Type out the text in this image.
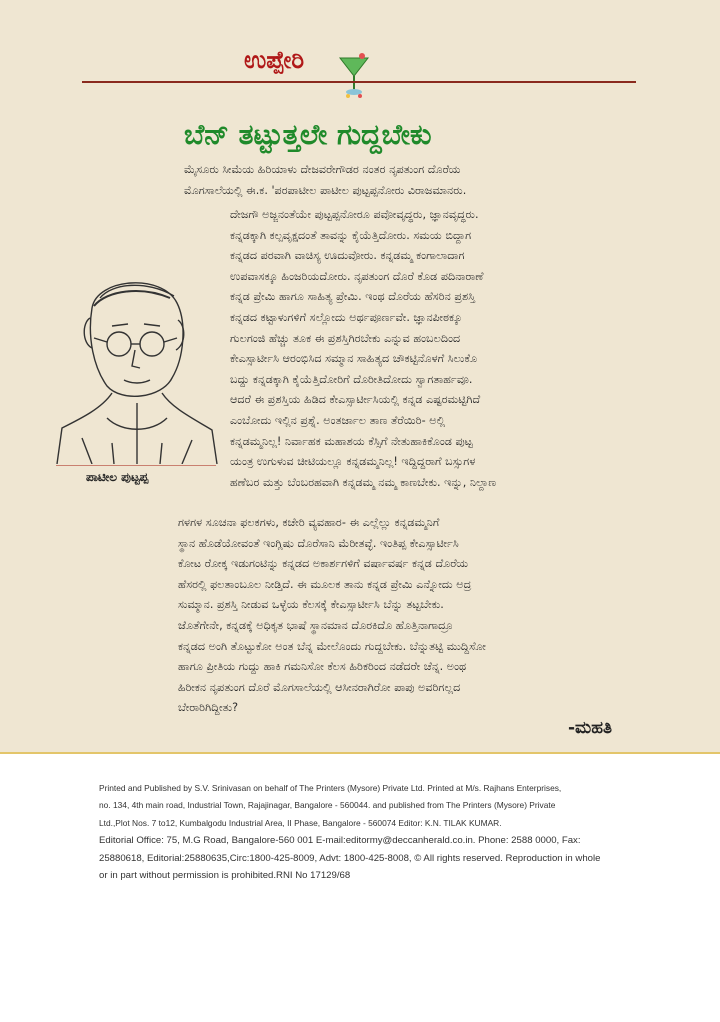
ಉಪ್ಪೇರಿ
ಬೆನ್ ತಟ್ಟುತ್ತಲೇ ಗುದ್ದಬೇಕು
ಮೈಸೂರು ಸೀಮೆಯ ಹಿರಿಯಾಳು ದೇಜವರೇಗೌಡರ ನಂತರ ನೃಪತುಂಗ ದೊರೆಯ
ಮೊಗಸಾಲೆಯಲ್ಲಿ ಈ.ಕ. 'ಪರಪಾಟೀಲ ಪಾಟೀಲ ಪುಟ್ಟಪ್ಪನೋರು ವಿರಾಜಮಾನರು.
ದೇಜಗೌ ಅಜ್ಜನಂತೆಯೇ ಪುಟ್ಟಪ್ಪನೋರೂ ಪವೋವೃದ್ಧರು, ಜ್ಞಾನವೃದ್ಧರು.
ಕನ್ನಡಕ್ಕಾಗಿ ಕಲ್ಪವೃಕ್ಷದಂತೆ ತಾವನ್ನು ಕೈಯೆತ್ತಿದೋರು. ಸಮಯ ಬಿದ್ದಾಗ
ಕನ್ನಡದ ಪರವಾಗಿ ವಾಚಿಸ್ಯ ಊದುವೋರು. ಕನ್ನಡಮ್ಮ ಕಂಗಾಲಾದಾಗ
ಉಪವಾಸಕ್ಕೂ ಹಿಂಜರಿಯದೋರು. ನೃಪತುಂಗ ದೊರೆ ಕೊಡ ಪದಿನಾರಾಣೆ
ಕನ್ನಡ ಪ್ರೇಮಿ ಹಾಗೂ ಸಾಹಿತ್ಯ ಪ್ರೇಮಿ. ಇಂಥ ದೊರೆಯ ಹೆಸರಿನ ಪ್ರಶಸ್ತಿ
ಕನ್ನಡದ ಕಟ್ಟಾಳುಗಳಿಗೆ ಸಲ್ಲೋದು ಅರ್ಥಪೂರ್ಣವೇ. ಜ್ಞಾನಪೀಠಕ್ಕೂ
ಗುಲಗಂಜಿ ಹೆಚ್ಚು ತೂಕ ಈ ಪ್ರಶಸ್ತಿಗಿರಬೇಕು ಎನ್ನುವ ಹಂಬಲದಿಂದ
ಕೇಎಸ್ಸಾರ್ಟೀಸಿ ಆರಂಭಿಸಿದ ಸಮ್ಮಾನ ಸಾಹಿತ್ಯದ ಚೌಕಟ್ಟಿನೊಳಗೆ ಸಿಲುಕೊ
ಬದ್ದು ಕನ್ನಡಕ್ಕಾಗಿ ಕೈಯೆತ್ತಿದೋರಿಗೆ ದೊರೀತಿದೋದು ಸ್ವಾಗತಾರ್ಹವೂ.
ಆದರೆ ಈ ಪ್ರಶಸ್ತಿಯ ಹಿಡಿದ ಕೇಎಸ್ಸಾರ್ಟೀಸಿಯಲ್ಲಿ ಕನ್ನಡ ಎಷ್ಟರಮಟ್ಟಿಗಿದೆ
ಎಂಬೋದು ಇಲ್ಲಿನ ಪ್ರಶ್ನೆ. ಅಂತರ್ಜಾಲ ತಾಣ ತೆರೆಯಿರಿ- ಅಲ್ಲಿ
ಕನ್ನಡಮ್ಮನಿಲ್ಲ! ನಿರ್ವಾಹಕ ಮಹಾಶಯ ಕೆಸ್ಸಿಗೆ ನೇತುಹಾಕಿಕೊಂಡ ಪುಟ್ಟ
ಯಂತ್ರ ಉಗುಳುವ ಚೀಟಿಯಲ್ಲೂ ಕನ್ನಡಮ್ಮನಿಲ್ಲ! ಇದ್ದಿದ್ದರಾಗೆ ಬಸ್ಸುಗಳ
ಹಣೆಬರ ಮತ್ತು ಬೆಂಬರಹವಾಗಿ ಕನ್ನಡಮ್ಮ ನಮ್ಮ ಕಾಣಬೇಕು. ಇನ್ನು, ನಿಲ್ದಾಣ
ಗಳಗಳ ಸೂಚನಾ ಫಲಕಗಳು, ಕಚೇರಿ ವ್ಯವಹಾರ- ಈ ಎಲ್ಲೆಲ್ಲು ಕನ್ನಡಮ್ಮನಿಗೆ
ಸ್ಥಾನ ಹೊಡೆಯೋವಂತೆ ಇಂಗ್ಲಿಷು ದೊರೆಸಾನಿ ಮೆರೀತವ್ಳೆ. ಇಂತಿಪ್ಪ ಕೇಎಸ್ಸಾರ್ಟೀಸಿ
ಕೋಟ ರೋಕ್ಕ ಇಡುಗಂಟಿನ್ನು ಕನ್ನಡದ ಅಕಾರ್ಶಗಳಿಗೆ ವರ್ಷಾವರ್ಷ ಕನ್ನಡ ದೊರೆಯ
ಹೆಸರಲ್ಲಿ ಫಲತಾಂಬೂಲ ನೀಡ್ತಿದೆ. ಈ ಮೂಲಕ ತಾನು ಕನ್ನಡ ಪ್ರೇಮಿ ಎನ್ನೋದು ಅದ್ರ
ಸುಮ್ಮಾನ. ಪ್ರಶಸ್ತಿ ನೀಡುವ ಒಳ್ಳೆಯ ಕೆಲಸಕ್ಕೆ ಕೇಎಸ್ಸಾರ್ಟೀಸಿ ಬೆನ್ನು ತಟ್ಟಬೇಕು.
ಜೊತೆಗೇನೇ, ಕನ್ನಡಕ್ಕೆ ಅಧಿಕೃತ ಭಾಷೆ ಸ್ಥಾನಮಾನ ದೊರಕಿದೊ ಹೊತ್ತಿನಾಗಾದ್ರೂ
ಕನ್ನಡದ ಅಂಗಿ ತೊಟ್ಟುಕೋ ಅಂತ ಬೆನ್ನ ಮೇಲೊಂದು ಗುದ್ದಬೇಕು. ಬೆನ್ನುತಟ್ಟಿ ಮುದ್ದಿಸೋ
ಹಾಗೂ ಪ್ರೀತಿಯ ಗುದ್ದು ಹಾಕಿ ಗಮನಿಸೋ ಕೆಲಸ ಹಿರಿಕರಿಂದ ನಡೆದರೇ ಚೆನ್ನ. ಅಂಥ
ಹಿರೀಕನ ನೃಪತುಂಗ ದೊರೆ ಮೊಗಸಾಲೆಯಲ್ಲಿ ಆಸೀನರಾಗಿರೋ ಪಾಪು ಅವರಿಗಲ್ಲದ
ಬೇರಾರಿಗಿದ್ದೀತು?
ಪಾಟೀಲ ಪುಟ್ಟಪ್ಪ
-ಮಹತಿ
Printed and Published by S.V. Srinivasan on behalf of The Printers (Mysore) Private Ltd. Printed at M/s. Rajhans Enterprises,
no. 134, 4th main road, Industrial Town, Rajajinagar, Bangalore - 560044. and published from The Printers (Mysore) Private
Ltd.,Plot Nos. 7 to12, Kumbalgodu Industrial Area, II Phase, Bangalore - 560074 Editor: K.N. TILAK KUMAR.
Editorial Office: 75, M.G Road, Bangalore-560 001 E-mail:editormy@deccanherald.co.in. Phone: 2588 0000, Fax:
25880618, Editorial:25880635,Circ:1800-425-8009, Advt: 1800-425-8008, © All rights reserved. Reproduction in whole
or in part without permission is prohibited.RNI No 17129/68
